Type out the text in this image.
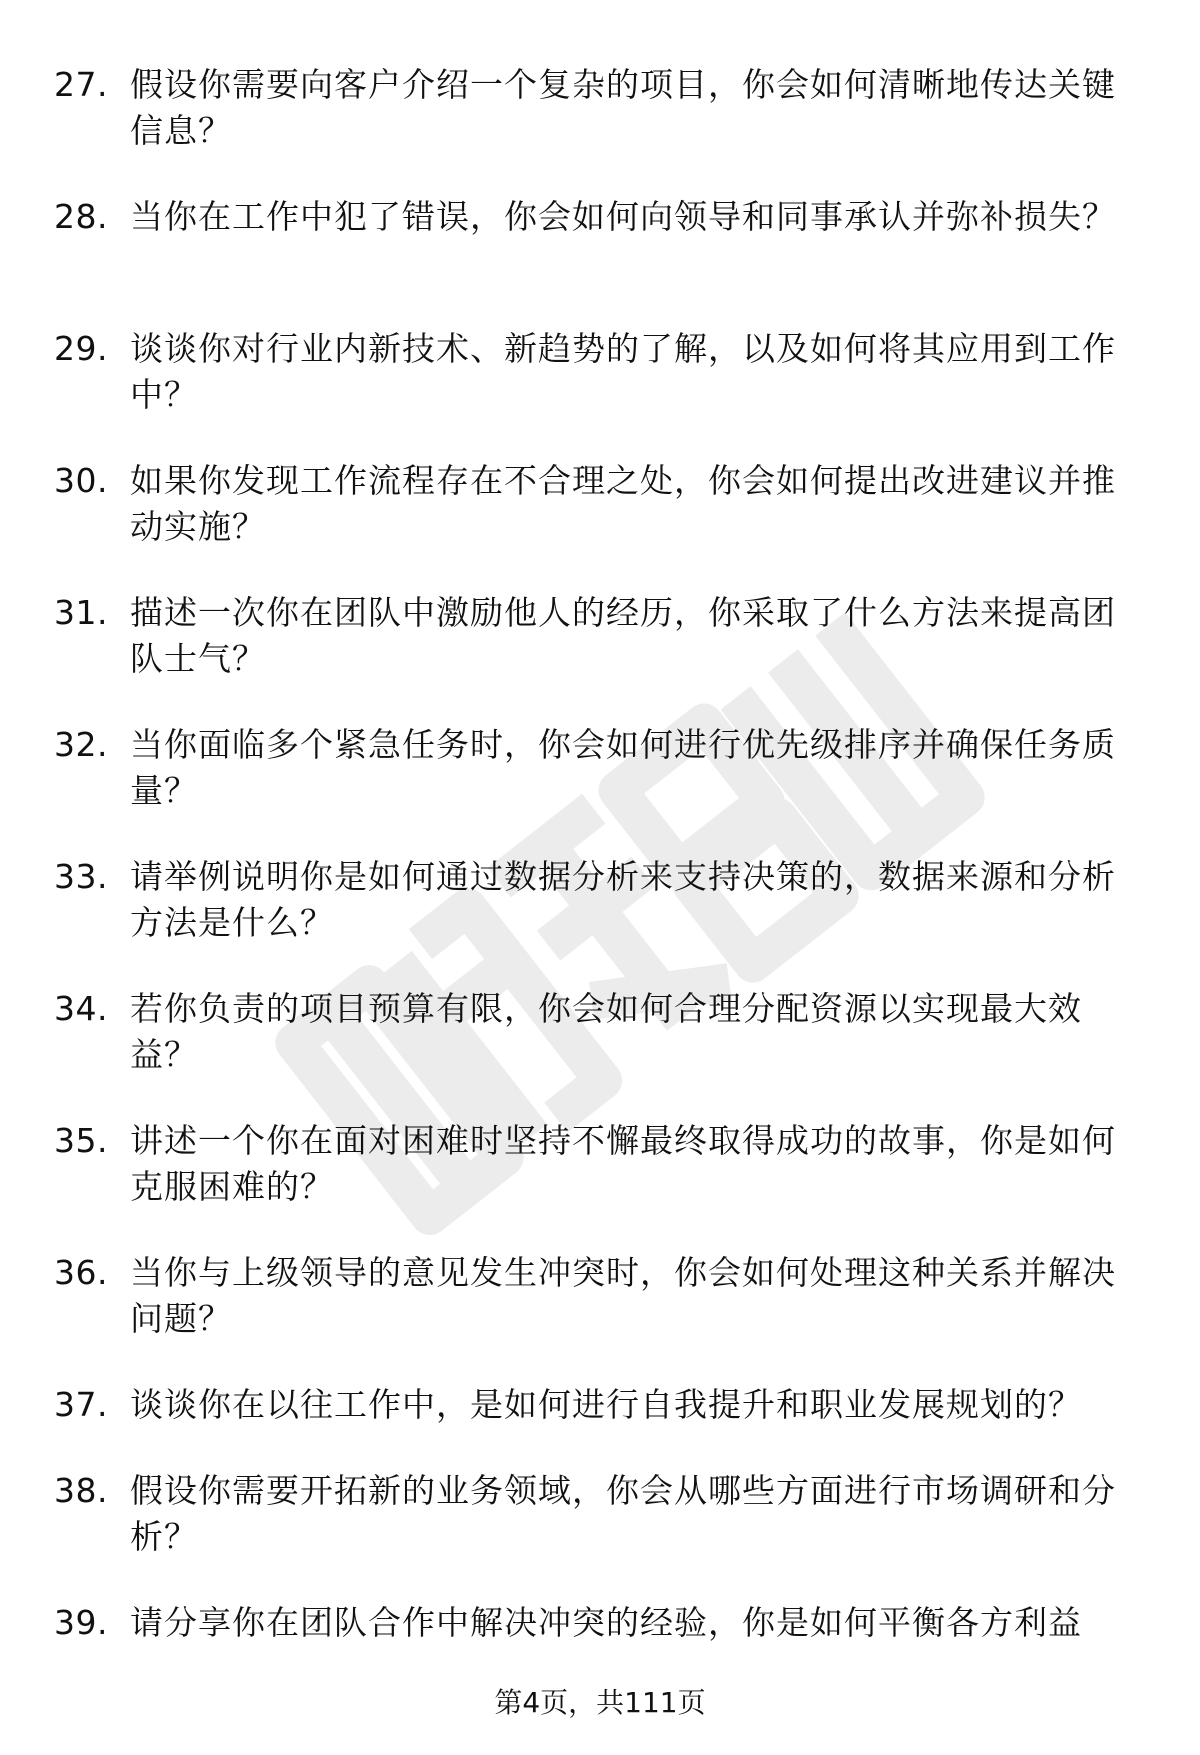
27. 假设你需要向客户介绍一个复杂的项目，你会如何清晰地传达关键信息？
28. 当你在工作中犯了错误，你会如何向领导和同事承认并弥补损失？
29. 谈谈你对行业内新技术、新趋势的了解，以及如何将其应用到工作中？
30. 如果你发现工作流程存在不合理之处，你会如何提出改进建议并推动实施？
31. 描述一次你在团队中激励他人的经历，你采取了什么方法来提高团队士气？
32. 当你面临多个紧急任务时，你会如何进行优先级排序并确保任务质量？
33. 请举例说明你是如何通过数据分析来支持决策的，数据来源和分析方法是什么？
34. 若你负责的项目预算有限，你会如何合理分配资源以实现最大效益？
35. 讲述一个你在面对困难时坚持不懈最终取得成功的故事，你是如何克服困难的？
36. 当你与上级领导的意见发生冲突时，你会如何处理这种关系并解决问题？
37. 谈谈你在以往工作中，是如何进行自我提升和职业发展规划的？
38. 假设你需要开拓新的业务领域，你会从哪些方面进行市场调研和分析？
39. 请分享你在团队合作中解决冲突的经验，你是如何平衡各方利益
第4页，共111页
